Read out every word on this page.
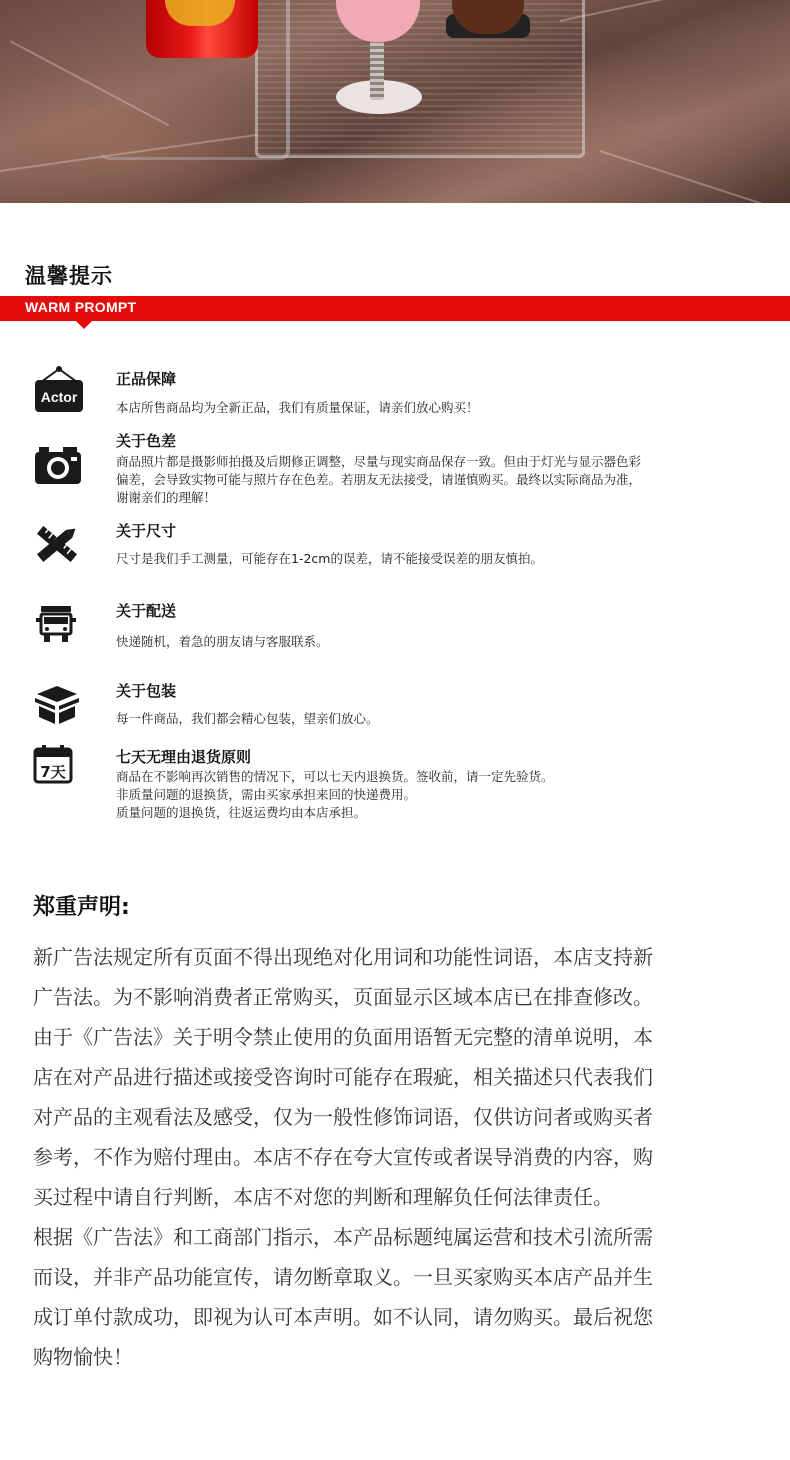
温馨提示
WARM PROMPT
Actor
正品保障
本店所售商品均为全新正品，我们有质量保证，请亲们放心购买！
关于色差
商品照片都是摄影师拍摄及后期修正调整，尽量与现实商品保存一致。但由于灯光与显示器色彩
偏差，会导致实物可能与照片存在色差。若朋友无法接受，请谨慎购买。最终以实际商品为准，
谢谢亲们的理解！
关于尺寸
尺寸是我们手工测量，可能存在1-2cm的误差，请不能接受误差的朋友慎拍。
关于配送
快递随机，着急的朋友请与客服联系。
关于包装
每一件商品，我们都会精心包装，望亲们放心。
7天
七天无理由退货原则
商品在不影响再次销售的情况下，可以七天内退换货。签收前，请一定先验货。
非质量问题的退换货，需由买家承担来回的快递费用。
质量问题的退换货，往返运费均由本店承担。
郑重声明:
新广告法规定所有页面不得出现绝对化用词和功能性词语，本店支持新
广告法。为不影响消费者正常购买，页面显示区域本店已在排查修改。
由于《广告法》关于明令禁止使用的负面用语暂无完整的清单说明，本
店在对产品进行描述或接受咨询时可能存在瑕疵，相关描述只代表我们
对产品的主观看法及感受，仅为一般性修饰词语，仅供访问者或购买者
参考，不作为赔付理由。本店不存在夸大宣传或者误导消费的内容，购
买过程中请自行判断，本店不对您的判断和理解负任何法律责任。
根据《广告法》和工商部门指示，本产品标题纯属运营和技术引流所需
而设，并非产品功能宣传，请勿断章取义。一旦买家购买本店产品并生
成订单付款成功，即视为认可本声明。如不认同，请勿购买。最后祝您
购物愉快！
